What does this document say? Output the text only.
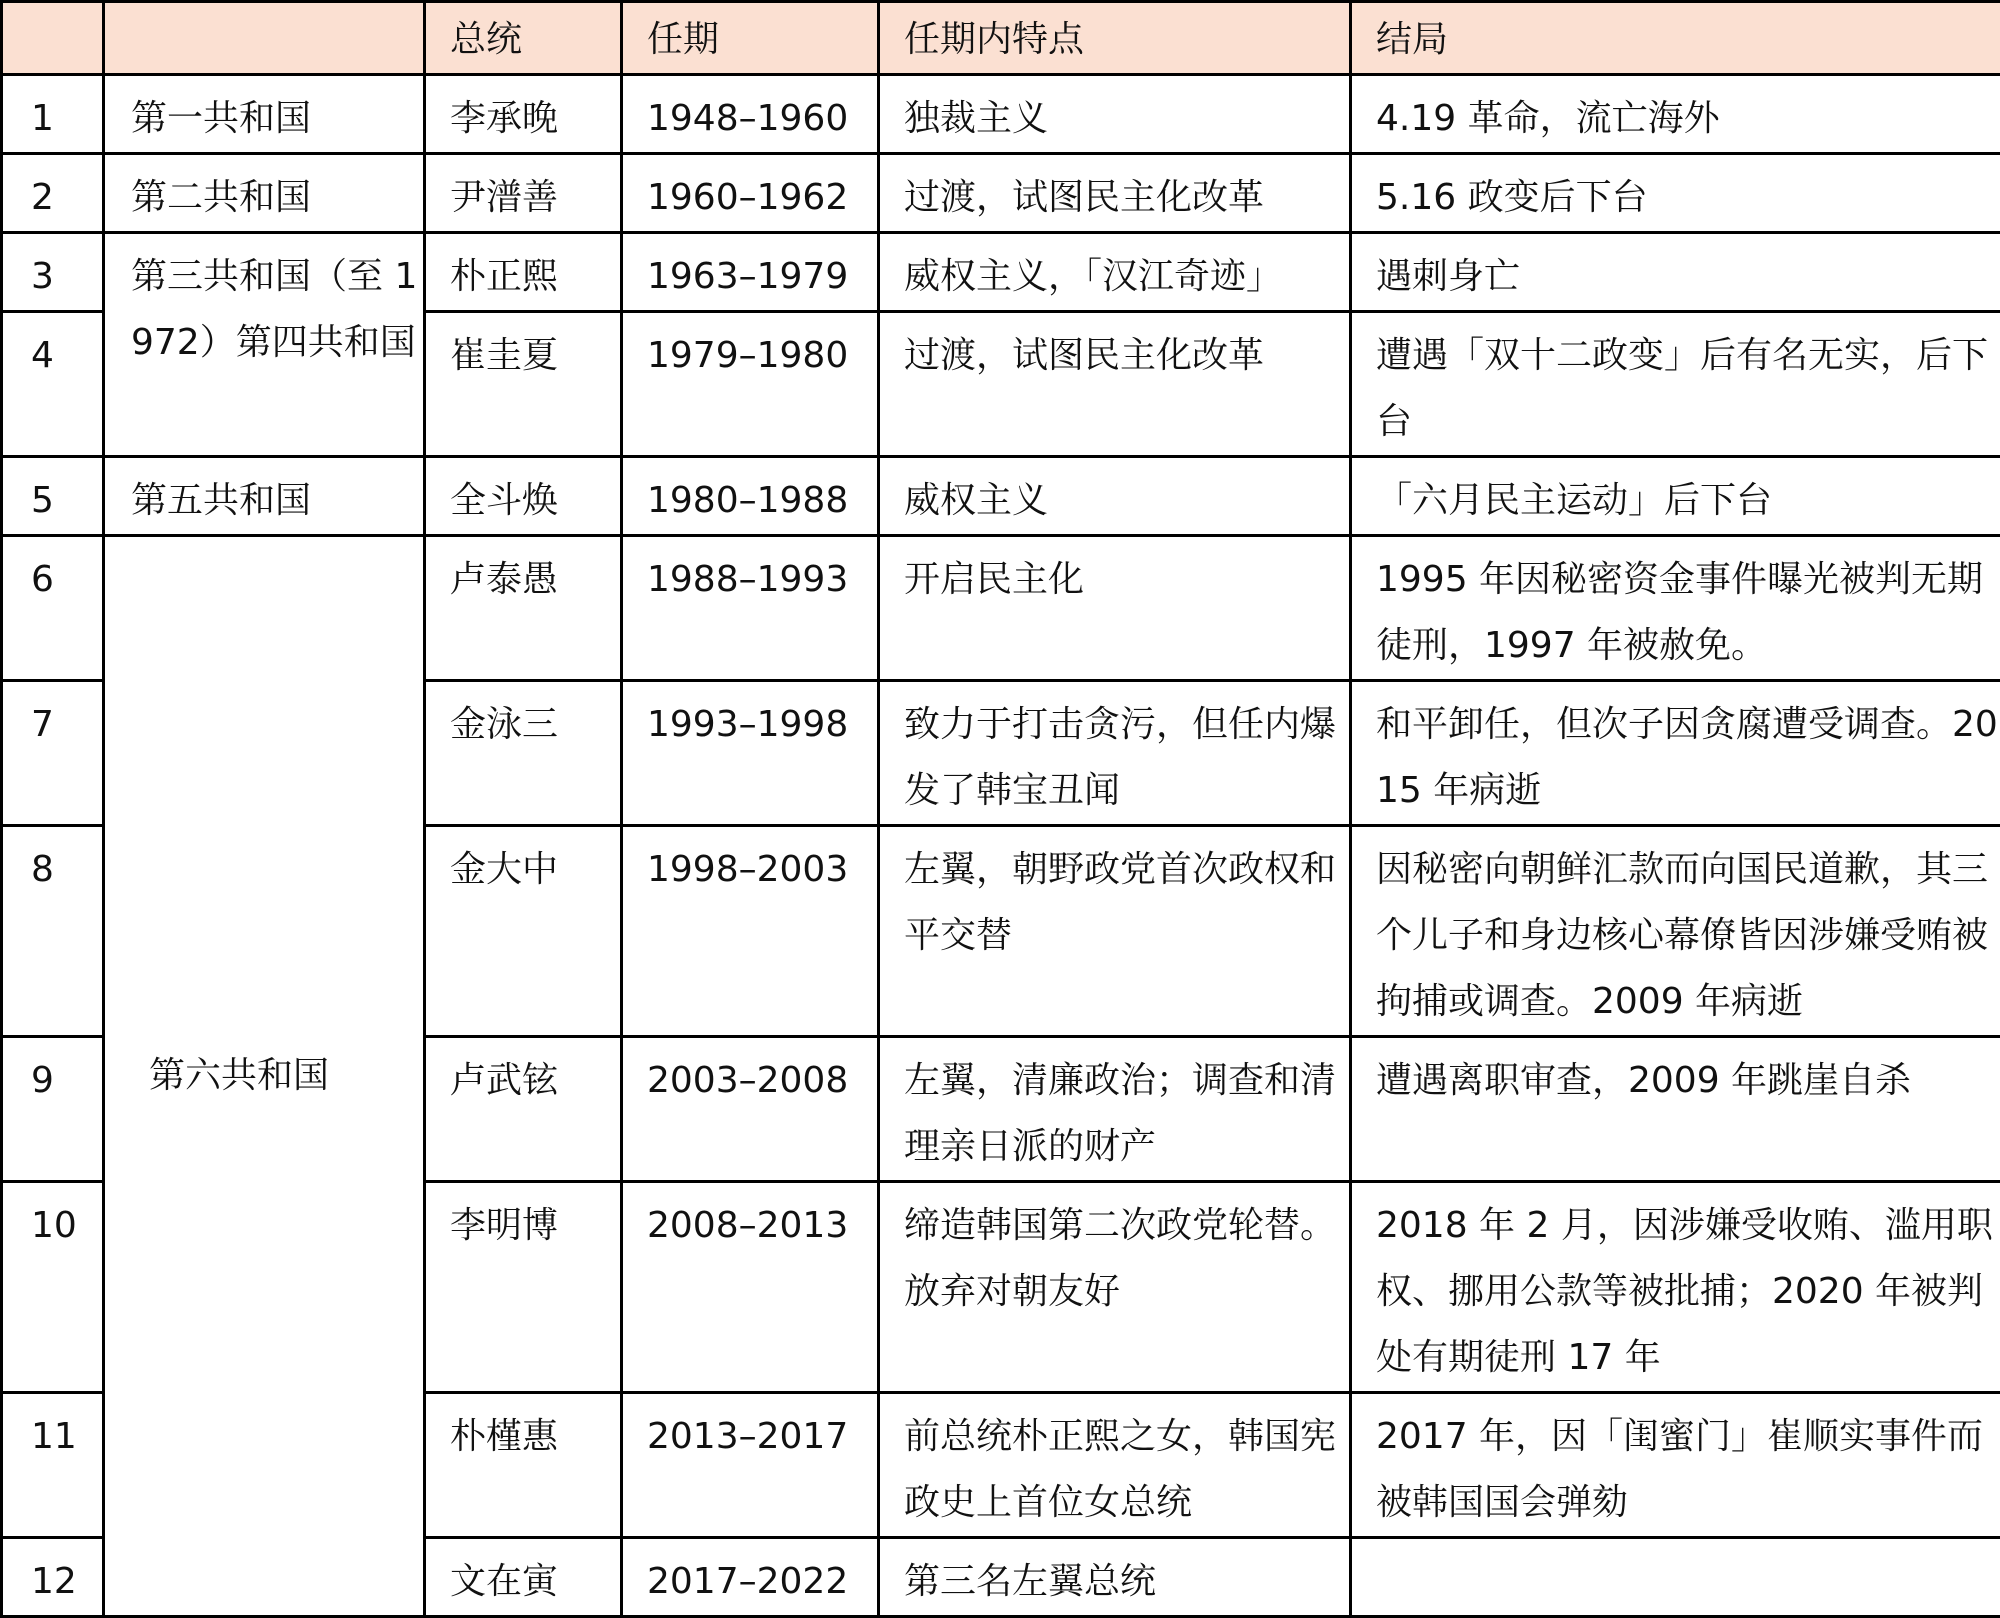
		总统	任期	任期内特点	结局
1	第一共和国	李承晚	1948–1960	独裁主义	4.19 革命，流亡海外
2	第二共和国	尹潽善	1960–1962	过渡，试图民主化改革	5.16 政变后下台
3	第三共和国（至 1972）第四共和国	朴正熙	1963–1979	威权主义，「汉江奇迹」	遇刺身亡
4		崔圭夏	1979–1980	过渡，试图民主化改革	遭遇「双十二政变」后有名无实，后下台
5	第五共和国	全斗焕	1980–1988	威权主义	「六月民主运动」后下台
6	第六共和国	卢泰愚	1988–1993	开启民主化	1995 年因秘密资金事件曝光被判无期徒刑，1997 年被赦免。
7		金泳三	1993–1998	致力于打击贪污，但任内爆发了韩宝丑闻	和平卸任，但次子因贪腐遭受调查。2015 年病逝
8		金大中	1998–2003	左翼，朝野政党首次政权和平交替	因秘密向朝鲜汇款而向国民道歉，其三个儿子和身边核心幕僚皆因涉嫌受贿被拘捕或调查。2009 年病逝
9		卢武铉	2003–2008	左翼，清廉政治；调查和清理亲日派的财产	遭遇离职审查，2009 年跳崖自杀
10		李明博	2008–2013	缔造韩国第二次政党轮替。放弃对朝友好	2018 年 2 月，因涉嫌受收贿、滥用职权、挪用公款等被批捕；2020 年被判处有期徒刑 17 年
11		朴槿惠	2013–2017	前总统朴正熙之女，韩国宪政史上首位女总统	2017 年，因「闺蜜门」崔顺实事件而被韩国国会弹劾
12		文在寅	2017–2022	第三名左翼总统	
